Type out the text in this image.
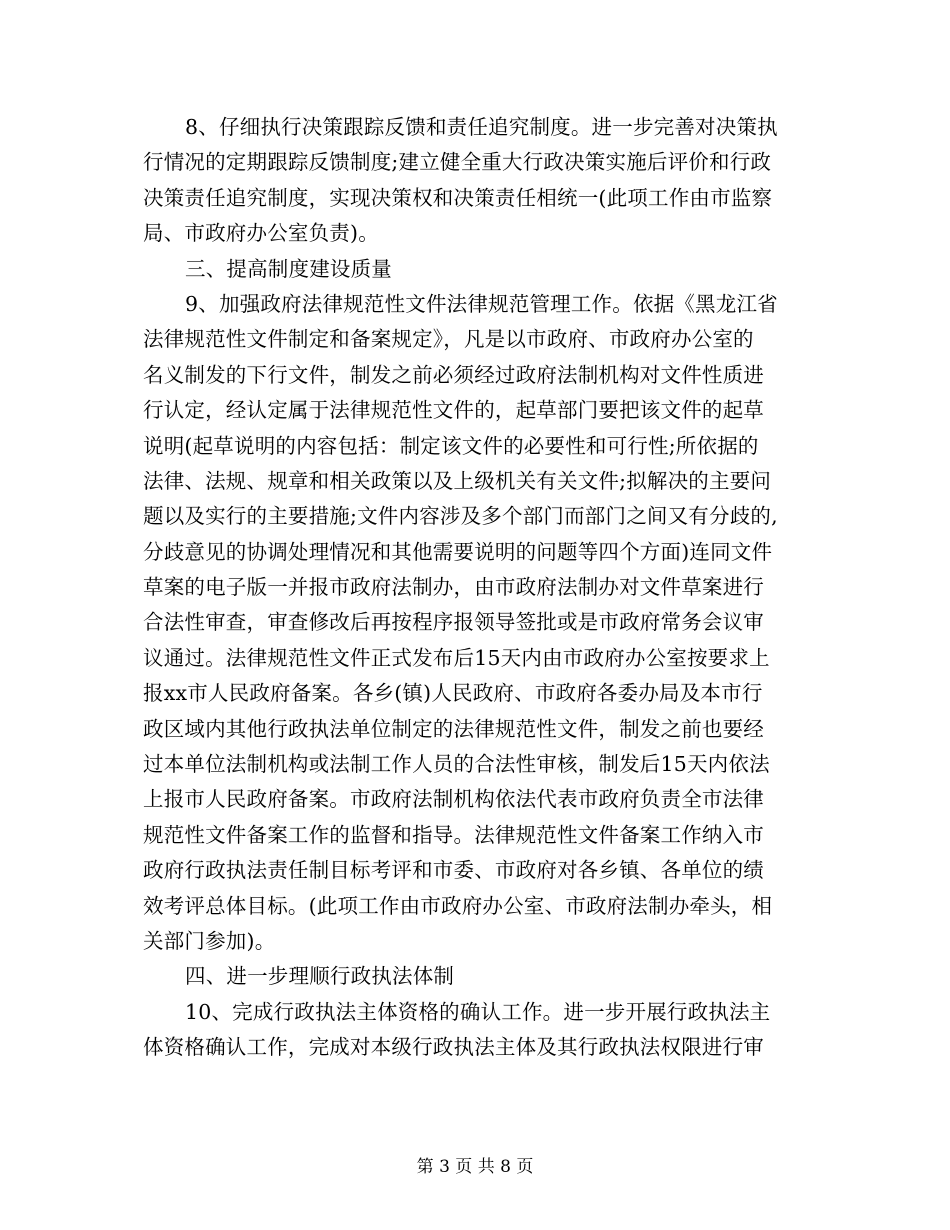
8、仔细执行决策跟踪反馈和责任追究制度。进一步完善对决策执
行情况的定期跟踪反馈制度;建立健全重大行政决策实施后评价和行政
决策责任追究制度，实现决策权和决策责任相统一(此项工作由市监察
局、市政府办公室负责)。
三、提高制度建设质量
9、加强政府法律规范性文件法律规范管理工作。依据《黑龙江省
法律规范性文件制定和备案规定》，凡是以市政府、市政府办公室的
名义制发的下行文件，制发之前必须经过政府法制机构对文件性质进
行认定，经认定属于法律规范性文件的，起草部门要把该文件的起草
说明(起草说明的内容包括：制定该文件的必要性和可行性;所依据的
法律、法规、规章和相关政策以及上级机关有关文件;拟解决的主要问
题以及实行的主要措施;文件内容涉及多个部门而部门之间又有分歧的,
分歧意见的协调处理情况和其他需要说明的问题等四个方面)连同文件
草案的电子版一并报市政府法制办，由市政府法制办对文件草案进行
合法性审查，审查修改后再按程序报领导签批或是市政府常务会议审
议通过。法律规范性文件正式发布后15天内由市政府办公室按要求上
报xx市人民政府备案。各乡(镇)人民政府、市政府各委办局及本市行
政区域内其他行政执法单位制定的法律规范性文件，制发之前也要经
过本单位法制机构或法制工作人员的合法性审核，制发后15天内依法
上报市人民政府备案。市政府法制机构依法代表市政府负责全市法律
规范性文件备案工作的监督和指导。法律规范性文件备案工作纳入市
政府行政执法责任制目标考评和市委、市政府对各乡镇、各单位的绩
效考评总体目标。(此项工作由市政府办公室、市政府法制办牵头，相
关部门参加)。
四、进一步理顺行政执法体制
10、完成行政执法主体资格的确认工作。进一步开展行政执法主
体资格确认工作，完成对本级行政执法主体及其行政执法权限进行审
第 3 页 共 8 页
